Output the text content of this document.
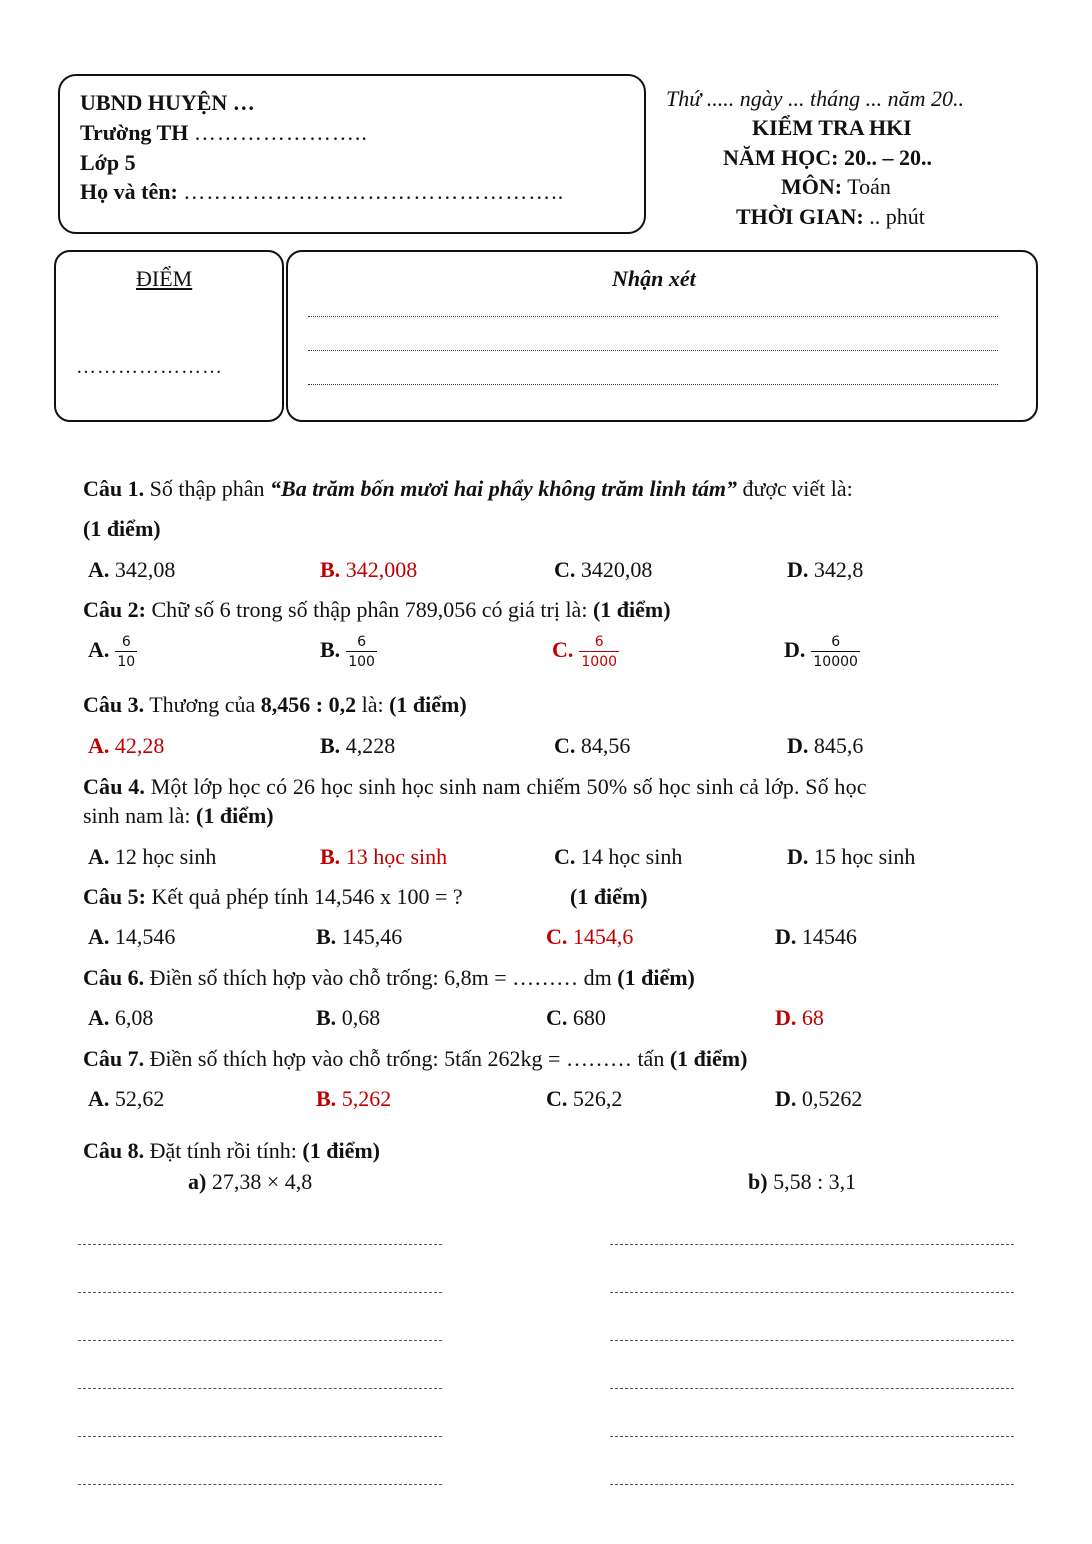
UBND HUYỆN …
Trường TH …………………..
Lớp 5
Họ và tên: …………………………………………..
Thứ ..... ngày ... tháng ... năm 20..
KIỂM TRA HKI
NĂM HỌC: 20.. – 20..
MÔN: Toán
THỜI GIAN: .. phút
ĐIỂM
…………………
Nhận xét
Câu 1. Số thập phân “Ba trăm bốn mươi hai phẩy không trăm linh tám” được viết là:
(1 điểm)
A. 342,08	B. 342,008	C. 3420,08	D. 342,8
Câu 2: Chữ số 6 trong số thập phân 789,056 có giá trị là: (1 điểm)
A. $\frac{6}{10}$	B. $\frac{6}{100}$	C. $\frac{6}{1000}$	D. $\frac{6}{10000}$
Câu 3. Thương của 8,456 : 0,2 là: (1 điểm)
A. 42,28	B. 4,228	C. 84,56	D. 845,6
Câu 4. Một lớp học có 26 học sinh học sinh nam chiếm 50% số học sinh cả lớp. Số học
sinh nam là: (1 điểm)
A. 12 học sinh	B. 13 học sinh	C. 14 học sinh	D. 15 học sinh
Câu 5: Kết quả phép tính 14,546 x 100 = ?	(1 điểm)
A. 14,546	B. 145,46	C. 1454,6	D. 14546
Câu 6. Điền số thích hợp vào chỗ trống: 6,8m = ……… dm (1 điểm)
A. 6,08	B. 0,68	C. 680	D. 68
Câu 7. Điền số thích hợp vào chỗ trống: 5tấn 262kg = ……… tấn (1 điểm)
A. 52,62	B. 5,262	C. 526,2	D. 0,5262
Câu 8. Đặt tính rồi tính: (1 điểm)
a) 27,38 × 4,8	b) 5,58 : 3,1
